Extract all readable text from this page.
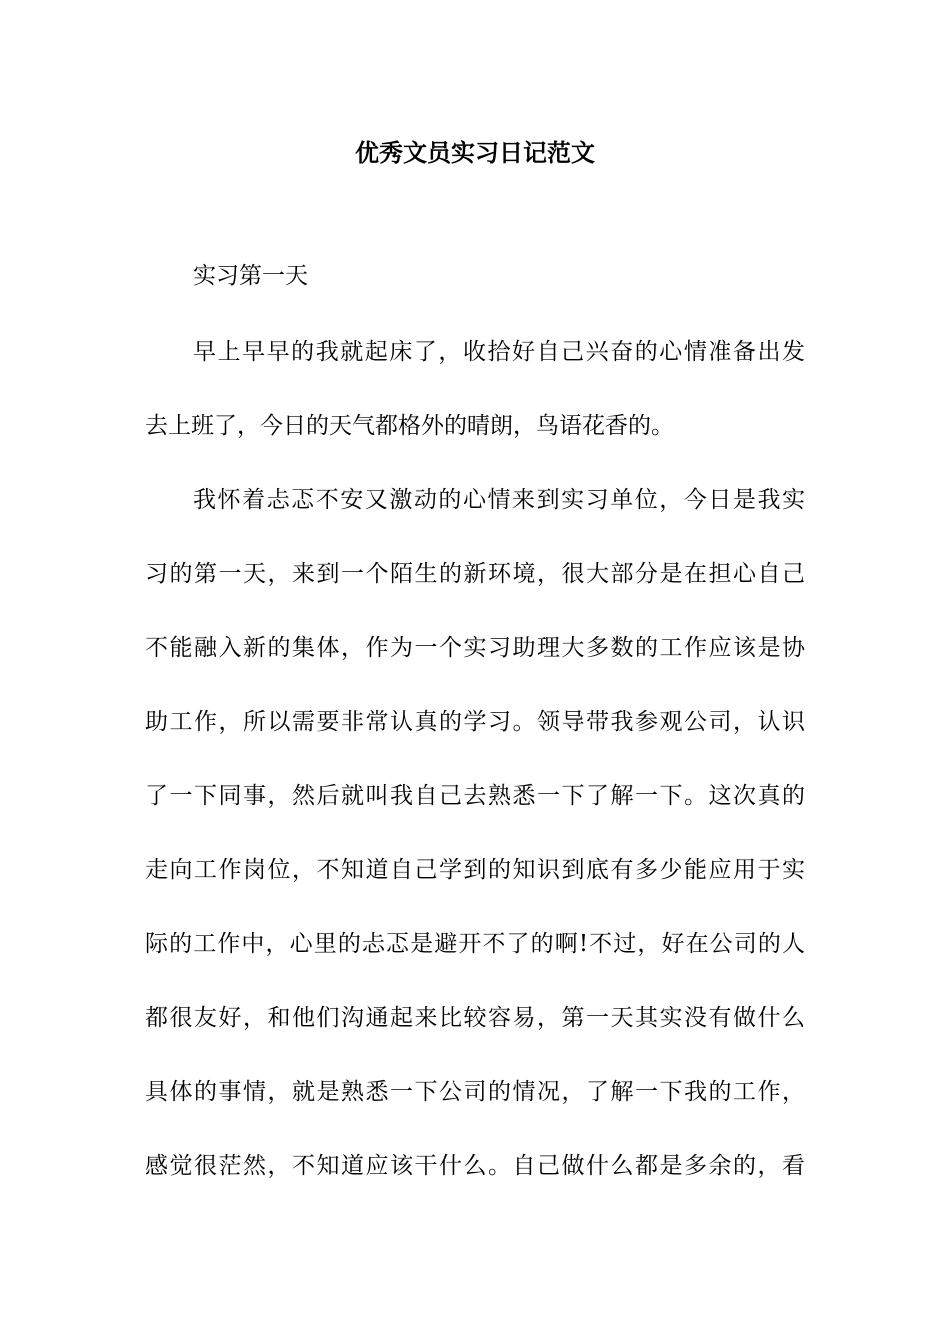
优秀文员实习日记范文

实习第一天

早上早早的我就起床了，收拾好自己兴奋的心情准备出发

去上班了，今日的天气都格外的晴朗，鸟语花香的。

我怀着忐忑不安又激动的心情来到实习单位，今日是我实

习的第一天，来到一个陌生的新环境，很大部分是在担心自己

不能融入新的集体，作为一个实习助理大多数的工作应该是协

助工作，所以需要非常认真的学习。领导带我参观公司，认识

了一下同事，然后就叫我自己去熟悉一下了解一下。这次真的

走向工作岗位，不知道自己学到的知识到底有多少能应用于实

际的工作中，心里的忐忑是避开不了的啊!不过，好在公司的人

都很友好，和他们沟通起来比较容易，第一天其实没有做什么

具体的事情，就是熟悉一下公司的情况，了解一下我的工作，

感觉很茫然，不知道应该干什么。自己做什么都是多余的，看
